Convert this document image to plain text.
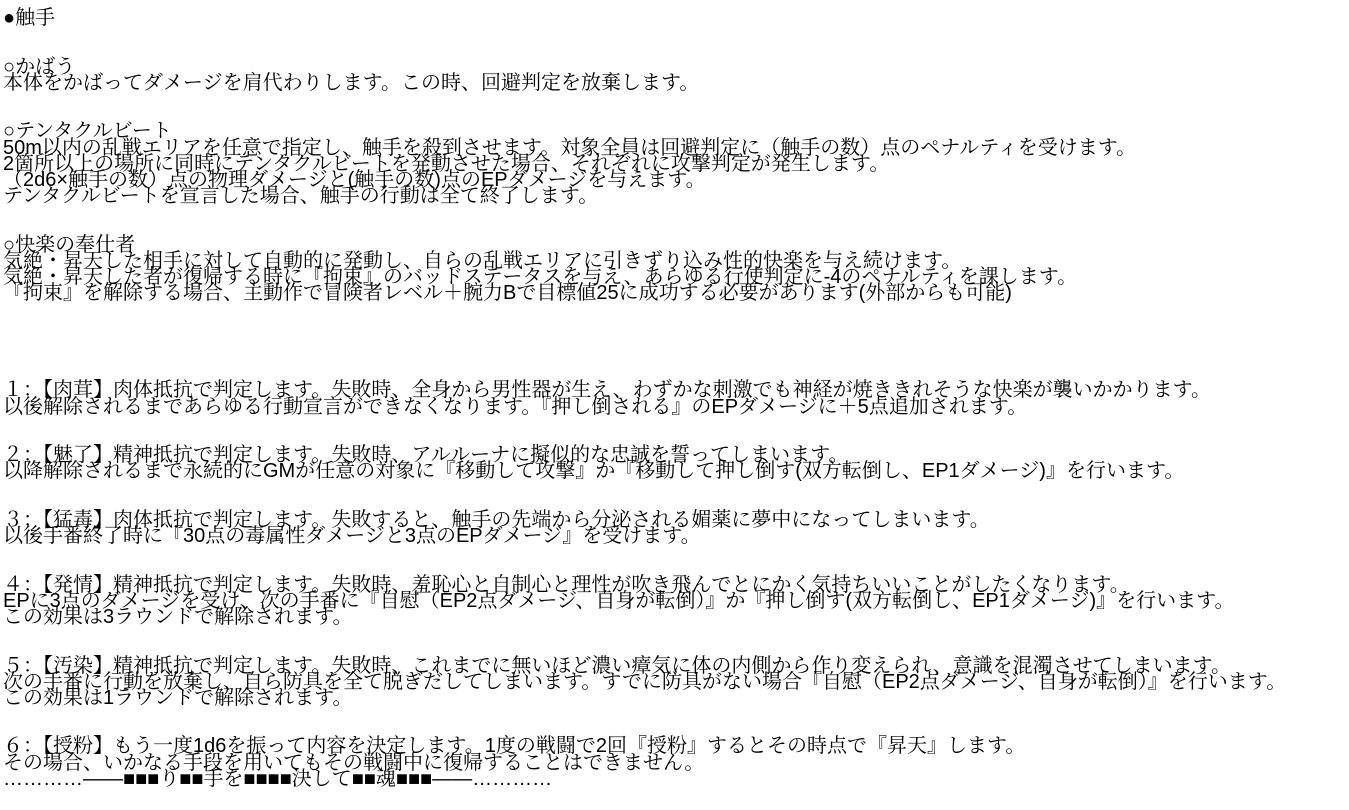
●触手
○かばう
本体をかばってダメージを肩代わりします。この時、回避判定を放棄します。
○テンタクルビート
50m以内の乱戦エリアを任意で指定し、触手を殺到させます。対象全員は回避判定に（触手の数）点のペナルティを受けます。
2箇所以上の場所に同時にテンタクルビートを発動させた場合、それぞれに攻撃判定が発生します。
（2d6×触手の数）点の物理ダメージと(触手の数)点のEPダメージを与えます。
テンタクルビートを宣言した場合、触手の行動は全て終了します。
○快楽の奉仕者
気絶・昇天した相手に対して自動的に発動し、自らの乱戦エリアに引きずり込み性的快楽を与え続けます。
気絶・昇天した者が復帰する時に『拘束』のバッドステータスを与え、あらゆる行使判定に-4のペナルティを課します。
『拘束』を解除する場合、主動作で冒険者レベル＋腕力Bで目標値25に成功する必要があります(外部からも可能)
１：【肉茸】肉体抵抗で判定します。失敗時、全身から男性器が生え、わずかな刺激でも神経が焼ききれそうな快楽が襲いかかります。
以後解除されるまであらゆる行動宣言ができなくなります。『押し倒される』のEPダメージに＋5点追加されます。
２：【魅了】精神抵抗で判定します。失敗時、アルルーナに擬似的な忠誠を誓ってしまいます。
以降解除されるまで永続的にGMが任意の対象に『移動して攻撃』か『移動して押し倒す(双方転倒し、EP1ダメージ)』を行います。
３：【猛毒】肉体抵抗で判定します。失敗すると、触手の先端から分泌される媚薬に夢中になってしまいます。
以後手番終了時に『30点の毒属性ダメージと3点のEPダメージ』を受けます。
４：【発情】精神抵抗で判定します。失敗時、羞恥心と自制心と理性が吹き飛んでとにかく気持ちいいことがしたくなります。
EPに3点のダメージを受け、次の手番に『自慰（EP2点ダメージ、自身が転倒）』か『押し倒す(双方転倒し、EP1ダメージ)』を行います。
この効果は3ラウンドで解除されます。
５：【汚染】精神抵抗で判定します。失敗時、これまでに無いほど濃い瘴気に体の内側から作り変えられ、意識を混濁させてしまいます。
次の手番に行動を放棄し、自ら防具を全て脱ぎだしてしまいます。すでに防具がない場合『自慰（EP2点ダメージ、自身が転倒）』を行います。
この効果は1ラウンドで解除されます。
６：【授粉】もう一度1d6を振って内容を決定します。1度の戦闘で2回『授粉』するとその時点で『昇天』します。
その場合、いかなる手段を用いてもその戦闘中に復帰することはできません。
…………――■■■り■■手を■■■■決して■■魂■■■――…………
